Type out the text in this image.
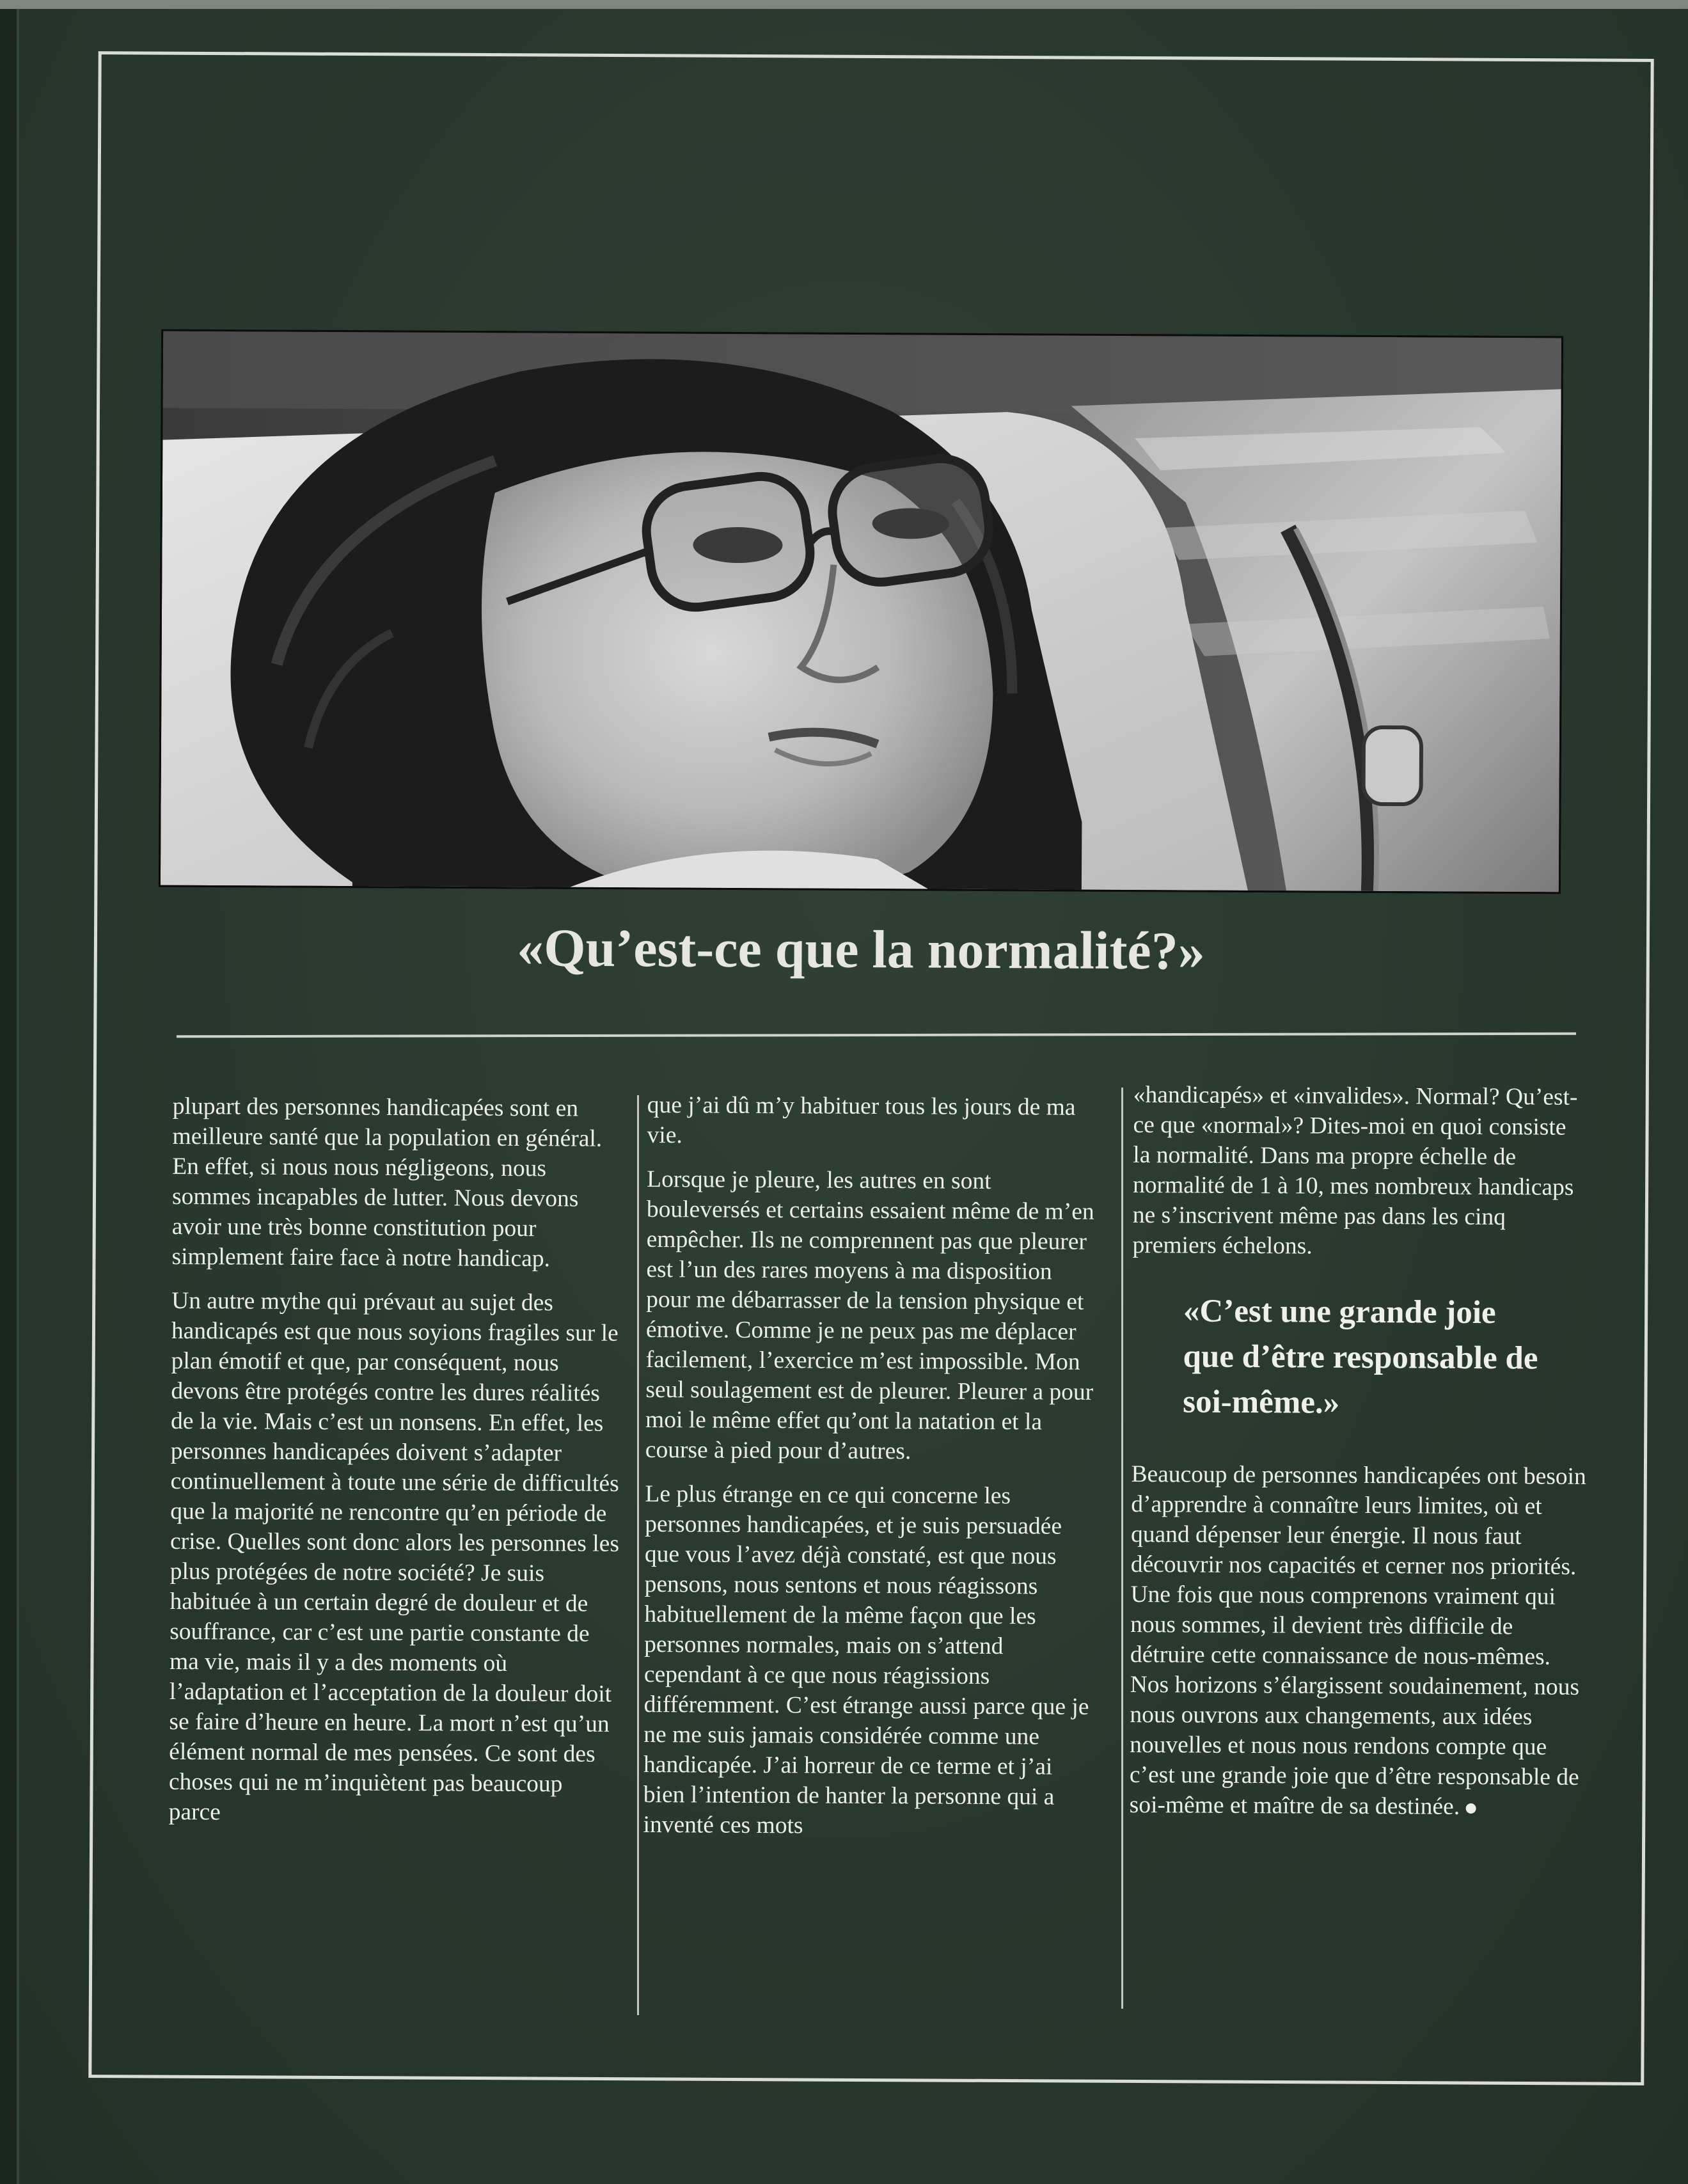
«Qu’est-ce que la normalité?»

plupart des personnes handicapées sont en meilleure santé que la population en général. En effet, si nous nous négligeons, nous sommes incapables de lutter. Nous devons avoir une très bonne constitution pour simplement faire face à notre handicap.

Un autre mythe qui prévaut au sujet des handicapés est que nous soyions fragiles sur le plan émotif et que, par conséquent, nous devons être protégés contre les dures réalités de la vie. Mais c’est un nonsens. En effet, les personnes handicapées doivent s’adapter continuellement à toute une série de difficultés que la majorité ne rencontre qu’en période de crise. Quelles sont donc alors les personnes les plus protégées de notre société? Je suis habituée à un certain degré de douleur et de souffrance, car c’est une partie constante de ma vie, mais il y a des moments où l’adaptation et l’acceptation de la douleur doit se faire d’heure en heure. La mort n’est qu’un élément normal de mes pensées. Ce sont des choses qui ne m’inquiètent pas beaucoup parce

que j’ai dû m’y habituer tous les jours de ma vie.

Lorsque je pleure, les autres en sont bouleversés et certains essaient même de m’en empêcher. Ils ne comprennent pas que pleurer est l’un des rares moyens à ma disposition pour me débarrasser de la tension physique et émotive. Comme je ne peux pas me déplacer facilement, l’exercice m’est impossible. Mon seul soulagement est de pleurer. Pleurer a pour moi le même effet qu’ont la natation et la course à pied pour d’autres.

Le plus étrange en ce qui concerne les personnes handicapées, et je suis persuadée que vous l’avez déjà constaté, est que nous pensons, nous sentons et nous réagissons habituellement de la même façon que les personnes normales, mais on s’attend cependant à ce que nous réagissions différemment. C’est étrange aussi parce que je ne me suis jamais considérée comme une handicapée. J’ai horreur de ce terme et j’ai bien l’intention de hanter la personne qui a inventé ces mots

«handicapés» et «invalides». Normal? Qu’est-ce que «normal»? Dites-moi en quoi consiste la normalité. Dans ma propre échelle de normalité de 1 à 10, mes nombreux handicaps ne s’inscrivent même pas dans les cinq premiers échelons.

«C’est une grande joie que d’être responsable de soi-même.»

Beaucoup de personnes handicapées ont besoin d’apprendre à connaître leurs limites, où et quand dépenser leur énergie. Il nous faut découvrir nos capacités et cerner nos priorités. Une fois que nous comprenons vraiment qui nous sommes, il devient très difficile de détruire cette connaissance de nous-mêmes. Nos horizons s’élargissent soudainement, nous nous ouvrons aux changements, aux idées nouvelles et nous nous rendons compte que c’est une grande joie que d’être responsable de soi-même et maître de sa destinée.
